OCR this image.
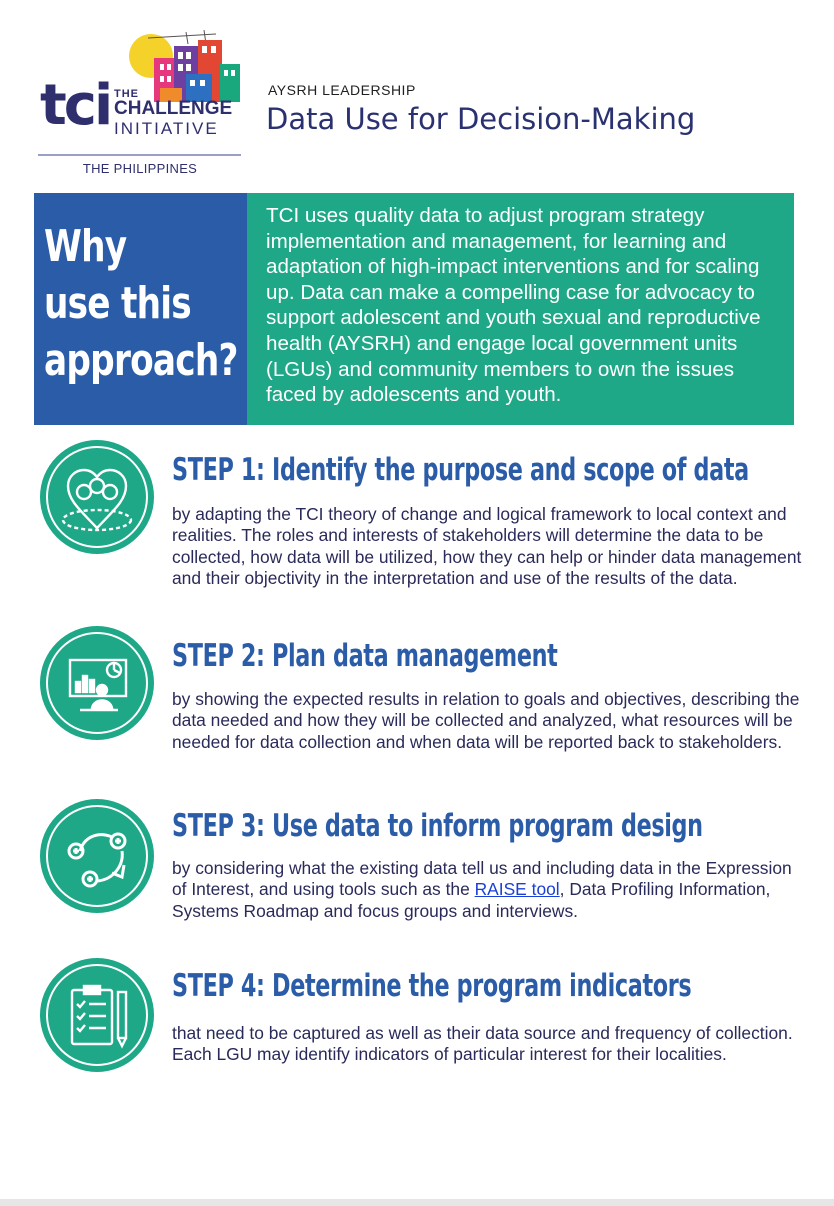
tci THE
CHALLENGE
INITIATIVE
THE PHILIPPINES
AYSRH LEADERSHIP
Data Use for Decision-Making
Why use this approach?
TCI uses quality data to adjust program strategy implementation and management, for learning and adaptation of high-impact interventions and for scaling up. Data can make a compelling case for advocacy to support adolescent and youth sexual and reproductive health (AYSRH) and engage local government units (LGUs) and community members to own the issues faced by adolescents and youth.
STEP 1: Identify the purpose and scope of data
by adapting the TCI theory of change and logical framework to local context and realities. The roles and interests of stakeholders will determine the data to be collected, how data will be utilized, how they can help or hinder data management and their objectivity in the interpretation and use of the results of the data.
STEP 2: Plan data management
by showing the expected results in relation to goals and objectives, describing the data needed and how they will be collected and analyzed, what resources will be needed for data collection and when data will be reported back to stakeholders.
STEP 3: Use data to inform program design
by considering what the existing data tell us and including data in the Expression of Interest, and using tools such as the RAISE tool, Data Profiling Information, Systems Roadmap and focus groups and interviews.
STEP 4: Determine the program indicators
that need to be captured as well as their data source and frequency of collection. Each LGU may identify indicators of particular interest for their localities.
